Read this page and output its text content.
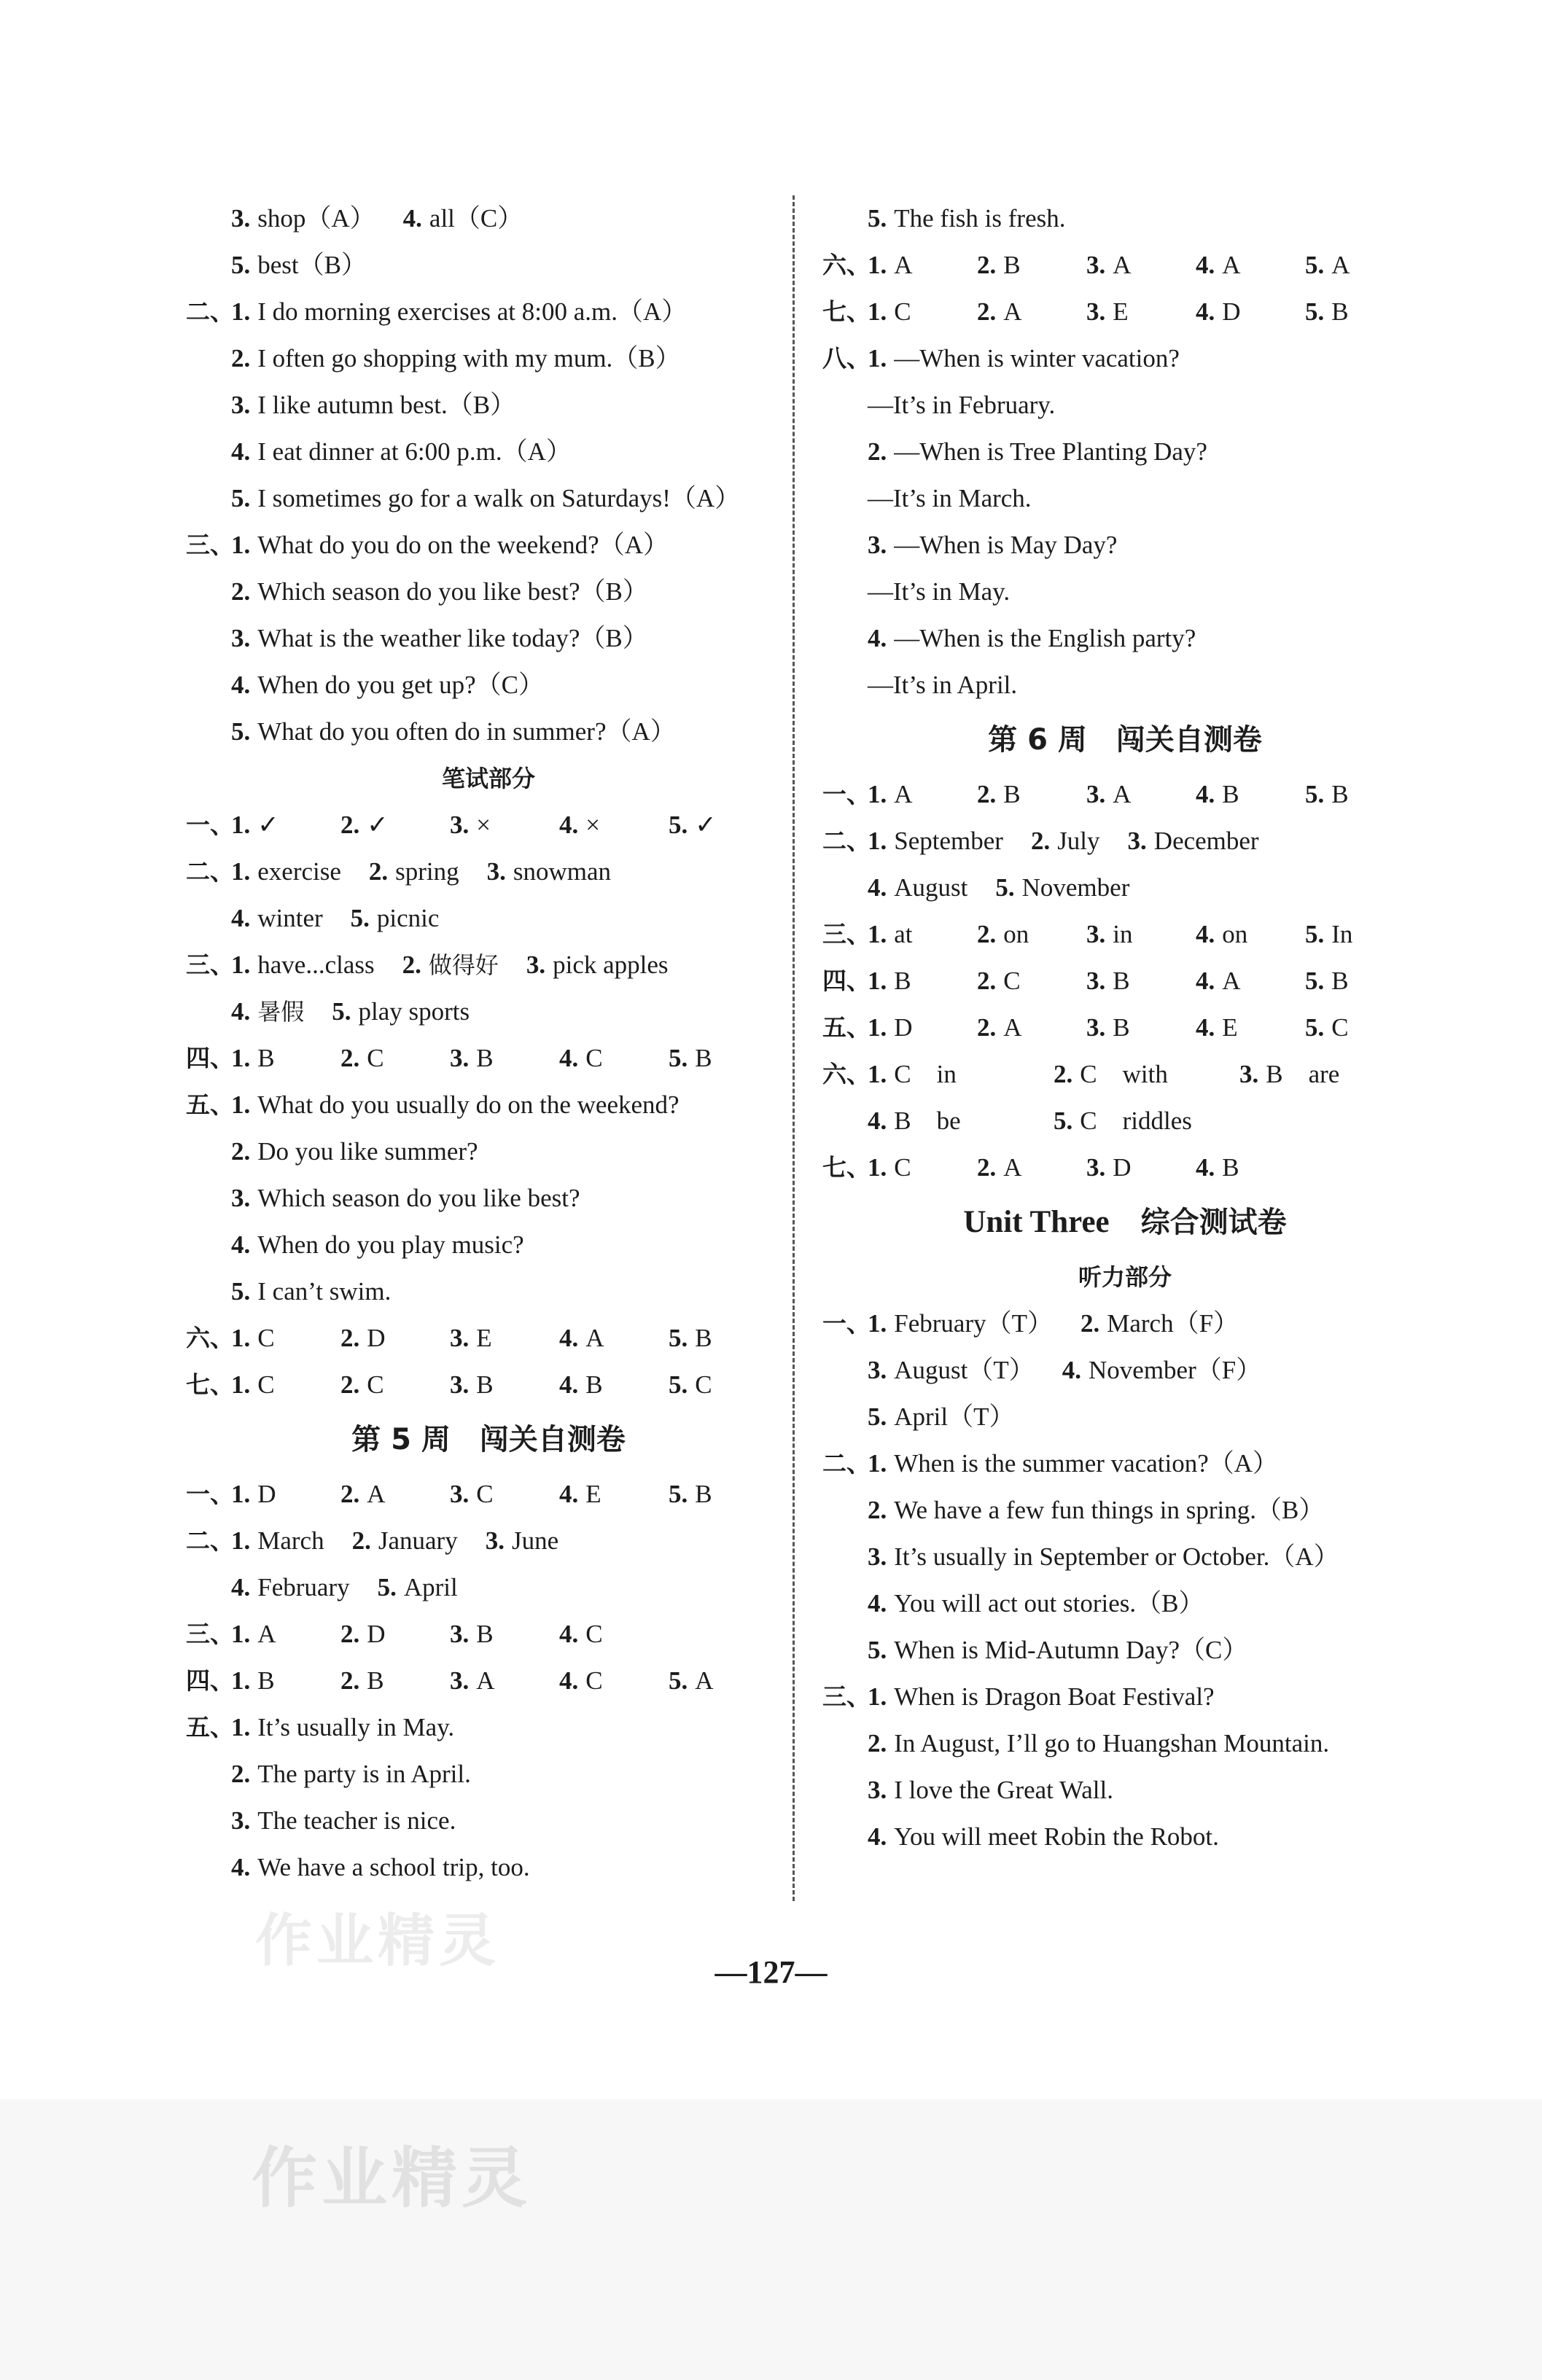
3. shop（A） 4. all（C）
5. best（B）
二、1. I do morning exercises at 8:00 a.m.（A）
2. I often go shopping with my mum.（B）
3. I like autumn best.（B）
4. I eat dinner at 6:00 p.m.（A）
5. I sometimes go for a walk on Saturdays!（A）
三、1. What do you do on the weekend?（A）
2. Which season do you like best?（B）
3. What is the weather like today?（B）
4. When do you get up?（C）
5. What do you often do in summer?（A）
笔试部分
一、1. ✓ 2. ✓ 3. ×	4. ×	5. ✓
二、1. exercise 2. spring 3. snowman
4. winter 5. picnic
三、1. have...class 2. 做得好 3. pick apples
4. 暑假 5. play sports
四、1. B	2. C	3. B	4. C	5. B
五、1. What do you usually do on the weekend?
2. Do you like summer?
3. Which season do you like best?
4. When do you play music?
5. I can’t swim.
六、1. C	2. D	3. E	4. A	5. B
七、1. C	2. C	3. B	4. B	5. C
第 5 周　闯关自测卷
一、1. D	2. A	3. C	4. E	5. B
二、1. March 2. January 3. June
4. February 5. April
三、1. A	2. D	3. B	4. C
四、1. B	2. B	3. A	4. C	5. A
五、1. It’s usually in May.
2. The party is in April.
3. The teacher is nice.
4. We have a school trip, too.
5. The fish is fresh.
六、1. A	2. B	3. A	4. A	5. A
七、1. C	2. A	3. E	4. D	5. B
八、1. —When is winter vacation?
—It’s in February.
2. —When is Tree Planting Day?
—It’s in March.
3. —When is May Day?
—It’s in May.
4. —When is the English party?
—It’s in April.
第 6 周　闯关自测卷
一、1. A	2. B	3. A	4. B	5. B
二、1. September 2. July 3. December
4. August 5. November
三、1. at	2. on 3. in 4. on 5. In
四、1. B	2. C	3. B	4. A	5. B
五、1. D	2. A	3. B	4. E	5. C
六、1. C　in	2. C　with	3. B　are
4. B　be	5. C　riddles
七、1. C	2. A	3. D	4. B
Unit Three　综合测试卷
听力部分
一、1. February（T） 2. March（F）
3. August（T） 4. November（F）
5. April（T）
二、1. When is the summer vacation?（A）
2. We have a few fun things in spring.（B）
3. It’s usually in September or October.（A）
4. You will act out stories.（B）
5. When is Mid-Autumn Day?（C）
三、1. When is Dragon Boat Festival?
2. In August, I’ll go to Huangshan Mountain.
3. I love the Great Wall.
4. You will meet Robin the Robot.
—127—
作业精灵
作业精灵
